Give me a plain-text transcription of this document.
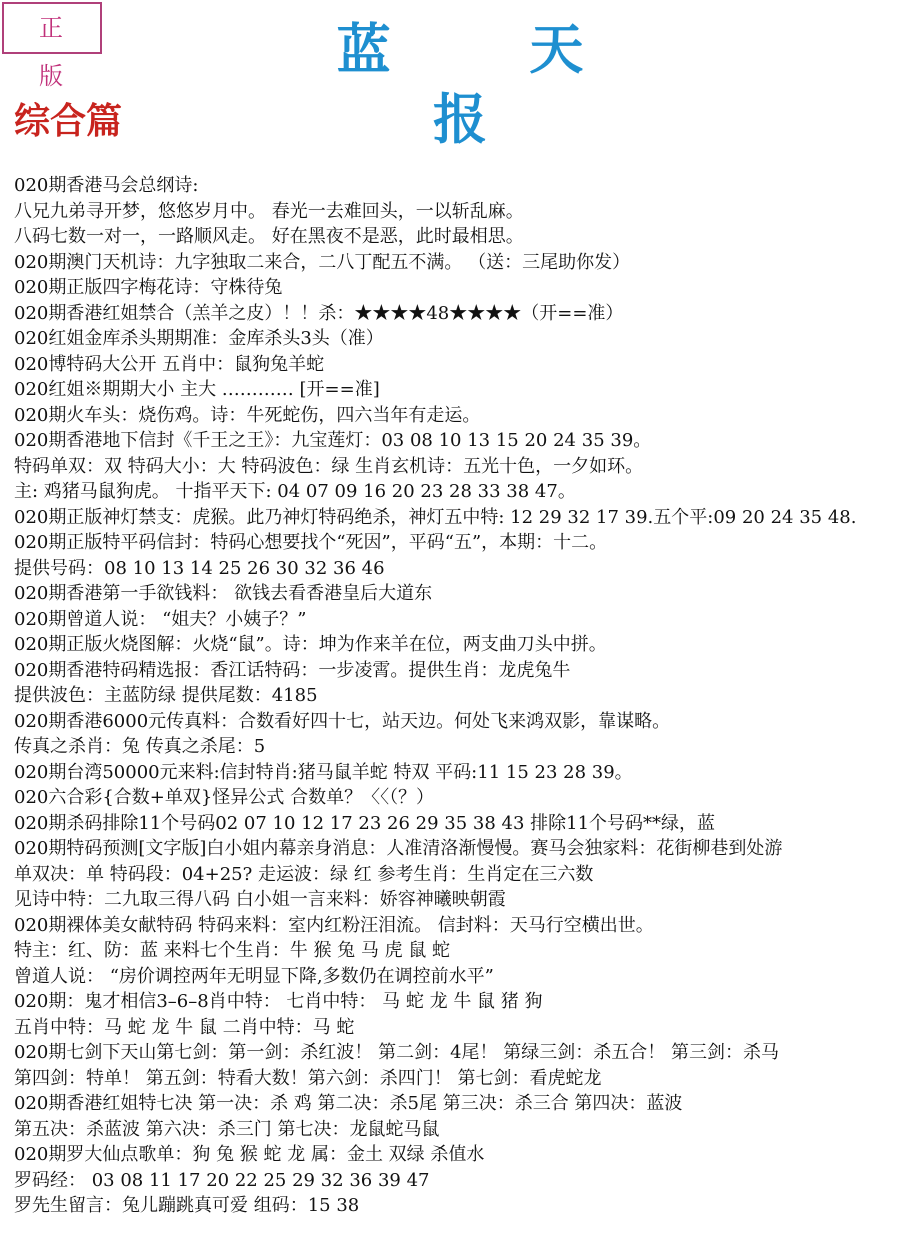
正 版	蓝 天 报
综合篇
020期香港马会总纲诗:
八兄九弟寻开梦，悠悠岁月中。 春光一去难回头，一以斩乱麻。
八码七数一对一，一路顺风走。 好在黑夜不是恶，此时最相思。
020期澳门天机诗：九字独取二来合，二八丁配五不满。 （送：三尾助你发）
020期正版四字梅花诗：守株待兔
020期香港红姐禁合（羔羊之皮）！！杀：★★★★48★★★★（开==准）
020红姐金库杀头期期准：金库杀头3头（准）
020博特码大公开 五肖中：鼠狗兔羊蛇
020红姐※期期大小 主大 ………… [开==准]
020期火车头：烧伤鸡。诗：牛死蛇伤，四六当年有走运。
020期香港地下信封《千王之王》：九宝莲灯：03 08 10 13 15 20 24 35 39。
特码单双：双 特码大小：大 特码波色：绿 生肖玄机诗：五光十色，一夕如环。
主: 鸡猪马鼠狗虎。 十指平天下: 04 07 09 16 20 23 28 33 38 47。
020期正版神灯禁支：虎猴。此乃神灯特码绝杀，神灯五中特: 12 29 32 17 39.五个平:09 20 24 35 48.
020期正版特平码信封：特码心想要找个“死因”，平码“五”，本期：十二。
提供号码：08 10 13 14 25 26 30 32 36 46
020期香港第一手欲钱料： 欲钱去看香港皇后大道东
020期曾道人说： “姐夫？小姨子？”
020期正版火烧图解：火烧“鼠”。诗：坤为作来羊在位，两支曲刀头中拼。
020期香港特码精选报：香江话特码：一步凌霄。提供生肖：龙虎兔牛
提供波色：主蓝防绿 提供尾数：4185
020期香港6000元传真料：合数看好四十七，站天边。何处飞来鸿双影，靠谋略。
传真之杀肖：兔 传真之杀尾：5
020期台湾50000元来料:信封特肖:猪马鼠羊蛇 特双 平码:11 15 23 28 39。
020六合彩{合数+单双}怪异公式 合数单？〈〈（？）
020期杀码排除11个号码02 07 10 12 17 23 26 29 35 38 43 排除11个号码**绿，蓝
020期特码预测[文字版]白小姐内幕亲身消息：人准清洛渐慢慢。赛马会独家料：花街柳巷到处游
单双决：单 特码段：04+25? 走运波：绿 红 参考生肖：生肖定在三六数
见诗中特：二九取三得八码 白小姐一言来料：娇容神曦映朝霞
020期裸体美女献特码 特码来料：室内红粉汪泪流。 信封料：天马行空横出世。
特主：红、防：蓝 来料七个生肖：牛 猴 兔 马 虎 鼠 蛇
曾道人说： “房价调控两年无明显下降,多数仍在调控前水平”
020期：鬼才相信3–6–8肖中特： 七肖中特： 马 蛇 龙 牛 鼠 猪 狗
五肖中特：马 蛇 龙 牛 鼠 二肖中特：马 蛇
020期七剑下天山第七剑：第一剑：杀红波！ 第二剑：4尾！ 第绿三剑：杀五合！ 第三剑：杀马
第四剑：特单！ 第五剑：特看大数！第六剑：杀四门！ 第七剑：看虎蛇龙
020期香港红姐特七决 第一决：杀 鸡 第二决：杀5尾 第三决：杀三合 第四决：蓝波
第五决：杀蓝波 第六决：杀三门 第七决：龙鼠蛇马鼠
020期罗大仙点歌单：狗 兔 猴 蛇 龙 属：金土 双绿 杀值水
罗码经： 03 08 11 17 20 22 25 29 32 36 39 47
罗先生留言：兔儿蹦跳真可爱 组码：15 38
